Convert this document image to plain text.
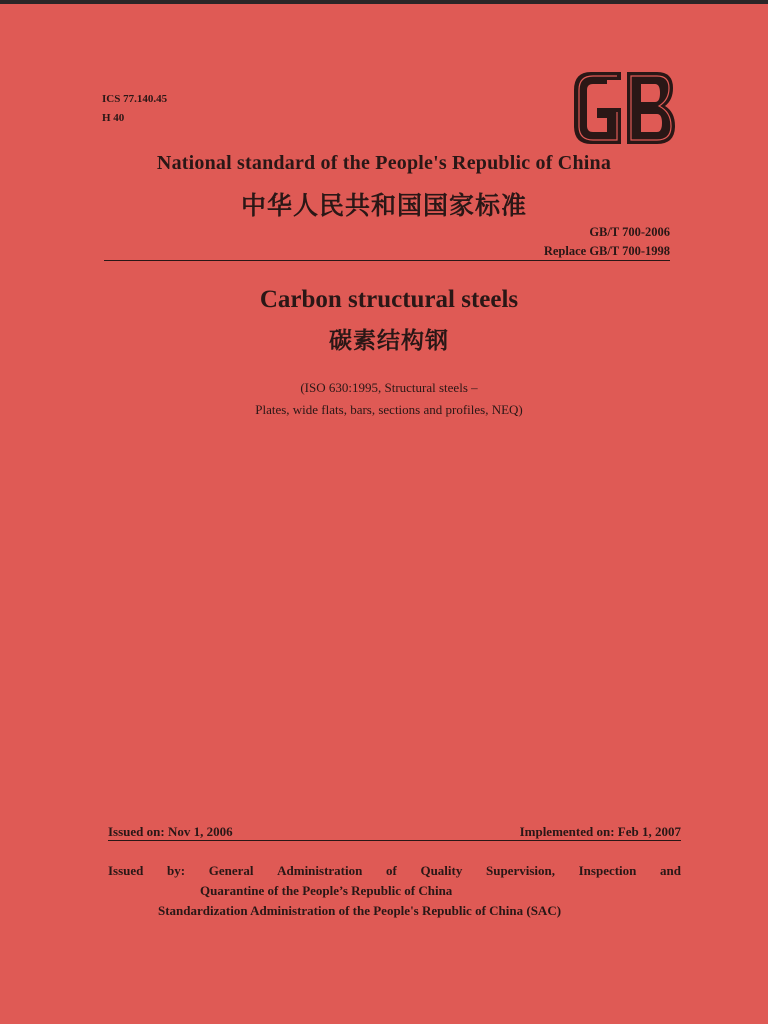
ICS 77.140.45
H 40
National standard of the People's Republic of China
中华人民共和国国家标准
GB/T 700-2006
Replace GB/T 700-1998
Carbon structural steels
碳素结构钢
(ISO 630:1995, Structural steels –
Plates, wide flats, bars, sections and profiles, NEQ)
Issued on: Nov 1, 2006	Implemented on: Feb 1, 2007
Issued by: General Administration of Quality Supervision, Inspection and
Quarantine of the People’s Republic of China
Standardization Administration of the People's Republic of China (SAC)
